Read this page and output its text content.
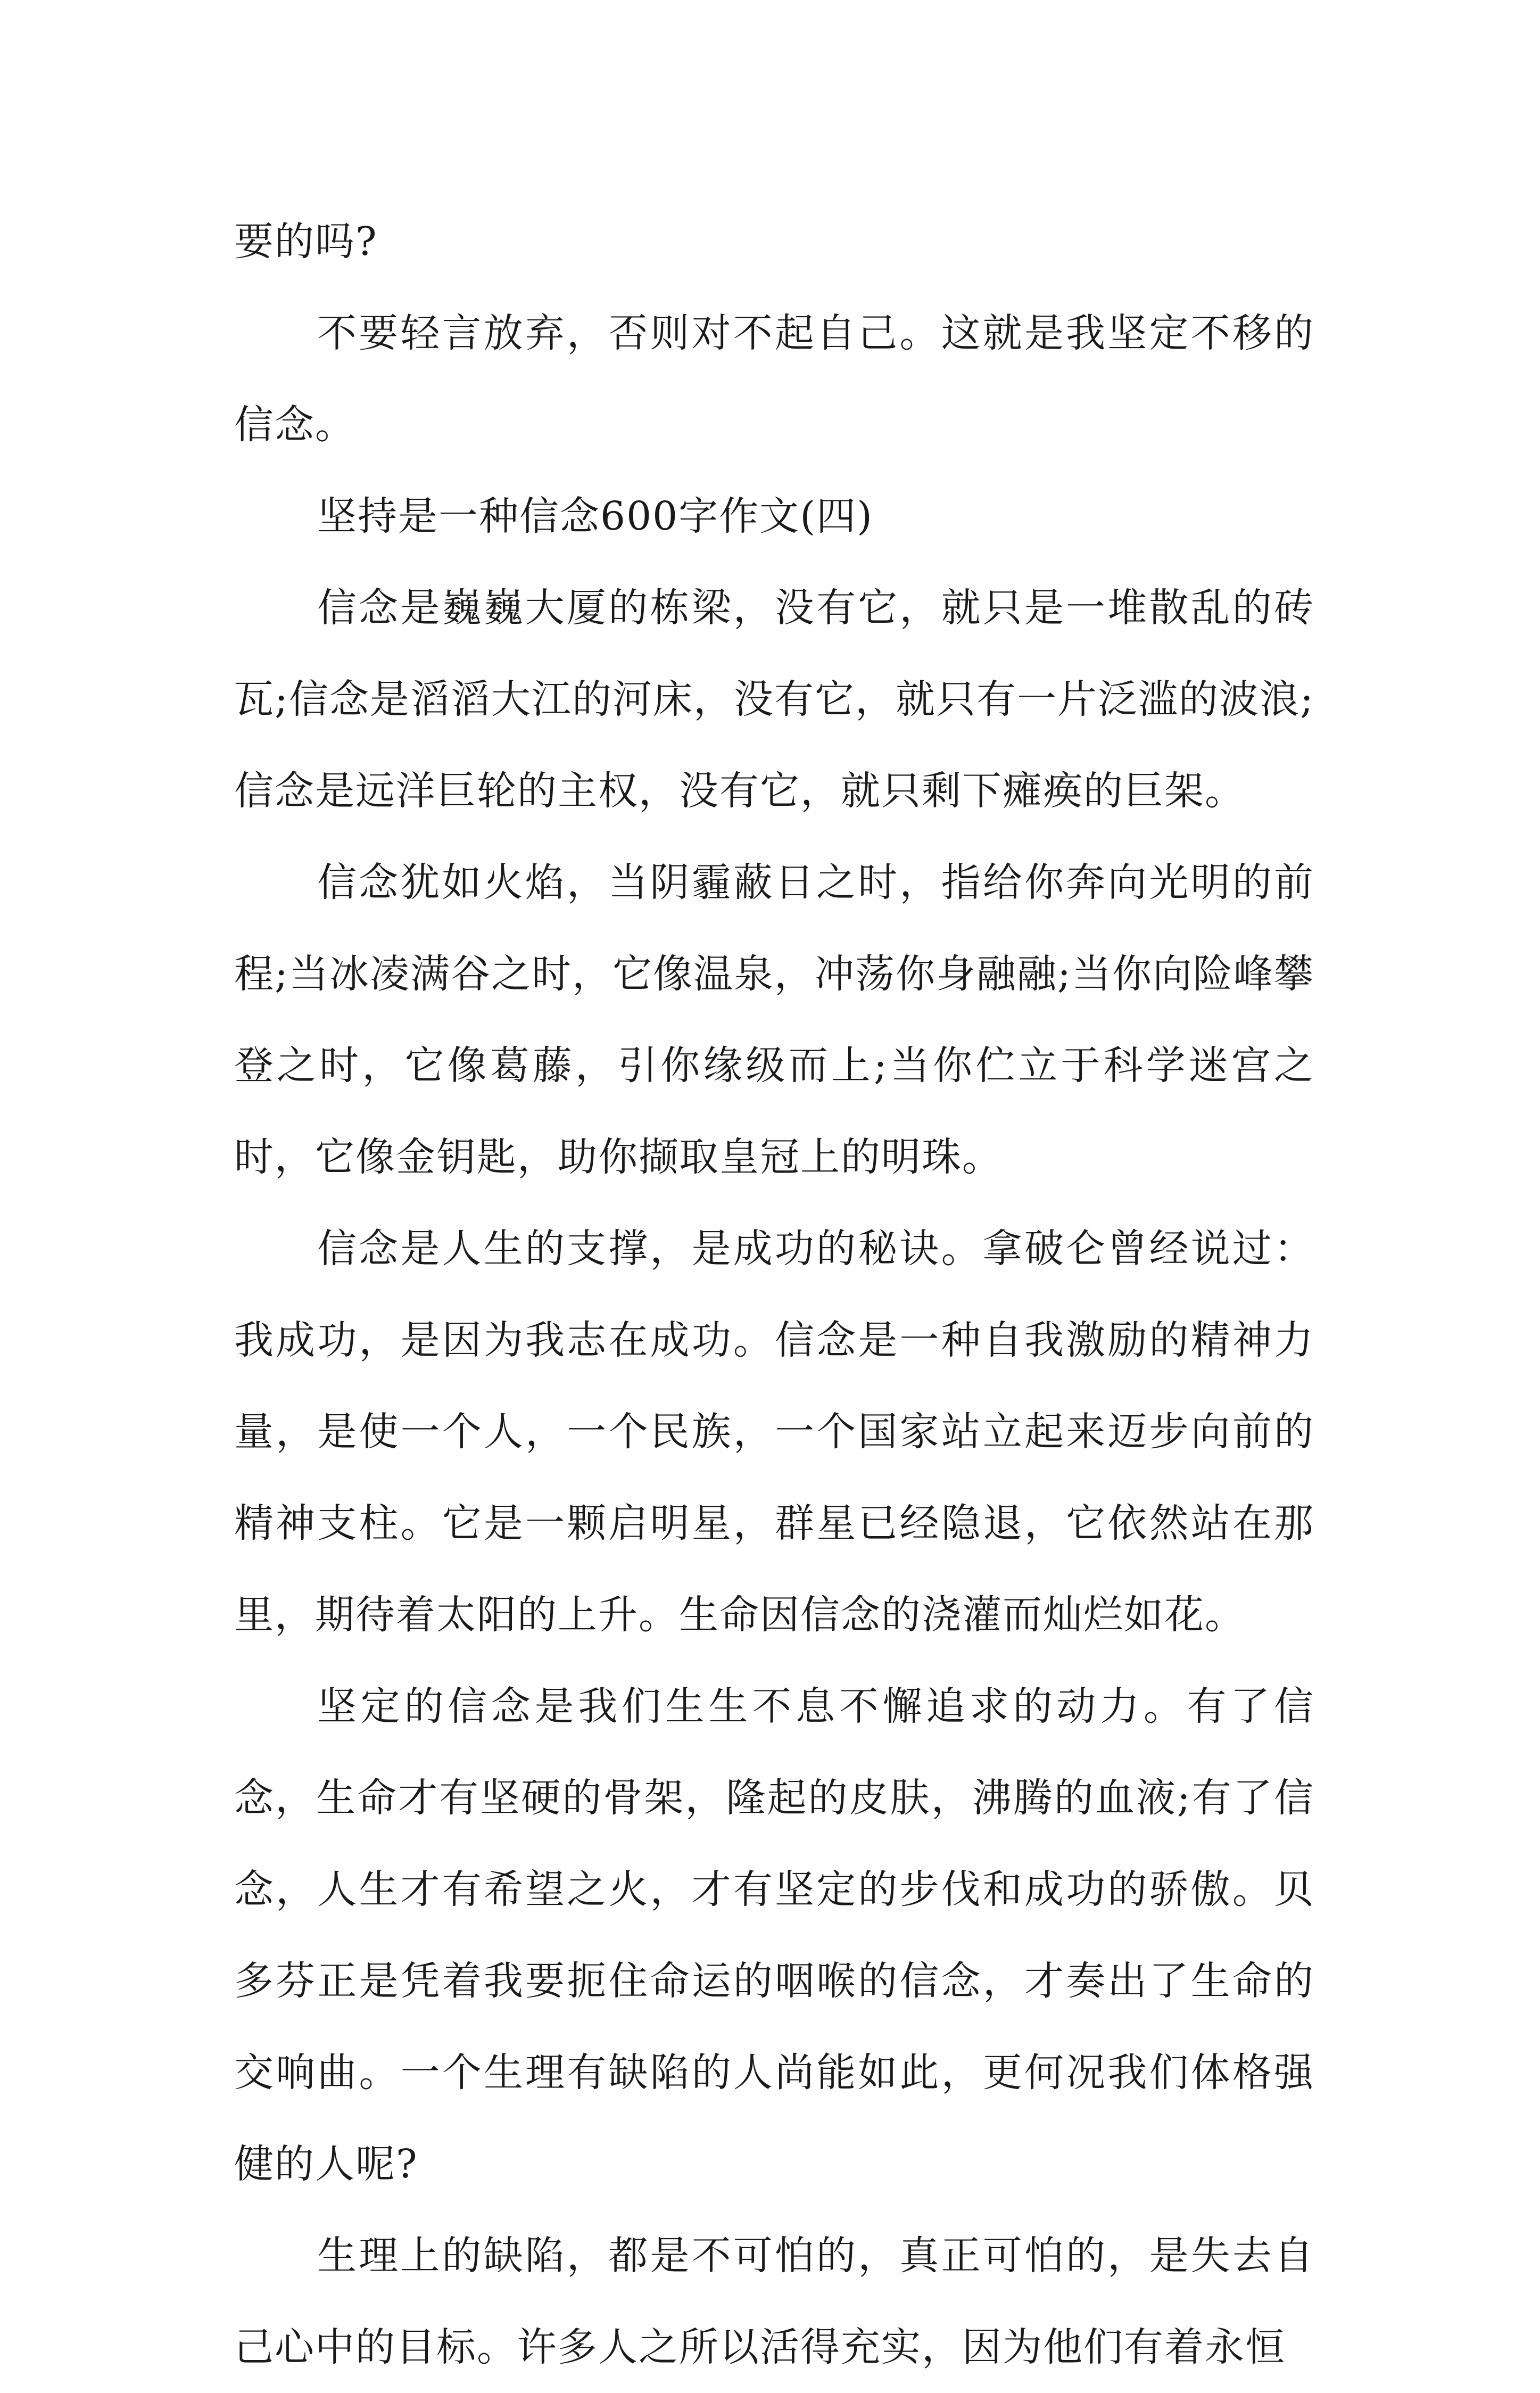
要的吗?

不要轻言放弃，否则对不起自己。这就是我坚定不移的信念。

坚持是一种信念600字作文(四)

信念是巍巍大厦的栋梁，没有它，就只是一堆散乱的砖瓦;信念是滔滔大江的河床，没有它，就只有一片泛滥的波浪;信念是远洋巨轮的主权，没有它，就只剩下瘫痪的巨架。

信念犹如火焰，当阴霾蔽日之时，指给你奔向光明的前程;当冰凌满谷之时，它像温泉，冲荡你身融融;当你向险峰攀登之时，它像葛藤，引你缘级而上;当你伫立于科学迷宫之时，它像金钥匙，助你撷取皇冠上的明珠。

信念是人生的支撑，是成功的秘诀。拿破仑曾经说过：我成功，是因为我志在成功。信念是一种自我激励的精神力量，是使一个人，一个民族，一个国家站立起来迈步向前的精神支柱。它是一颗启明星，群星已经隐退，它依然站在那里，期待着太阳的上升。生命因信念的浇灌而灿烂如花。

坚定的信念是我们生生不息不懈追求的动力。有了信念，生命才有坚硬的骨架，隆起的皮肤，沸腾的血液;有了信念，人生才有希望之火，才有坚定的步伐和成功的骄傲。贝多芬正是凭着我要扼住命运的咽喉的信念，才奏出了生命的交响曲。一个生理有缺陷的人尚能如此，更何况我们体格强健的人呢?

生理上的缺陷，都是不可怕的，真正可怕的，是失去自己心中的目标。许多人之所以活得充实，因为他们有着永恒
